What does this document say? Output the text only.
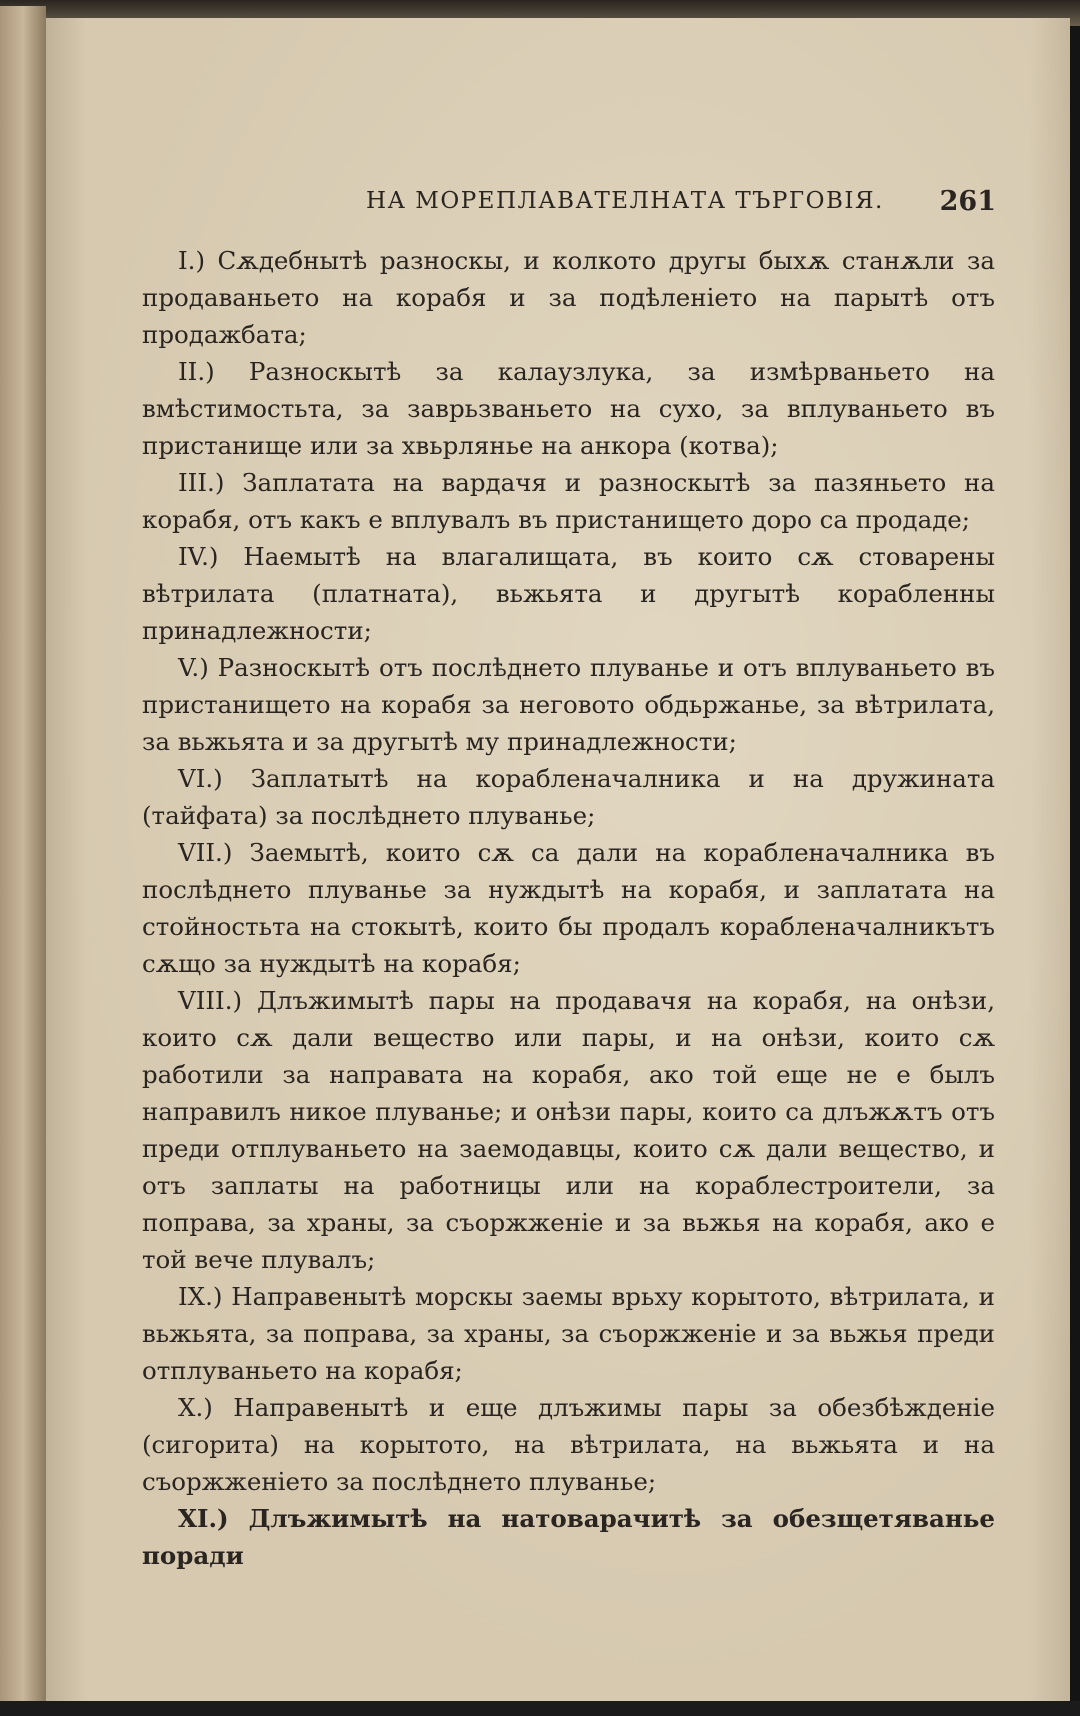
НА МОРЕПЛАВАТЕЛНАТА ТЪРГОВІЯ. 261

I.) Сѫдебнытѣ разноскы, и колкото другы быхѫ станѫли за продаваньето на корабя и за подѣленіето на парытѣ отъ продажбата;

II.) Разноскытѣ за калаузлука, за измѣрваньето на вмѣстимостьта, за заврьзваньето на сухо, за вплуваньето въ пристанище или за хвьрлянье на анкора (котва);

III.) Заплатата на вардачя и разноскытѣ за пазяньето на корабя, отъ какъ е вплувалъ въ пристанището доро са продаде;

IV.) Наемытѣ на влагалищата, въ които сѫ стоварены вѣтрилата (платната), вьжьята и другытѣ корабленны принадлежности;

V.) Разноскытѣ отъ послѣднето плуванье и отъ вплуваньето въ пристанището на корабя за неговото обдьржанье, за вѣтрилата, за вьжьята и за другытѣ му принадлежности;

VI.) Заплатытѣ на корабленачалника и на дружината (тайфата) за послѣднето плуванье;

VII.) Заемытѣ, които сѫ са дали на корабленачалника въ послѣднето плуванье за нуждытѣ на корабя, и заплатата на стойностьта на стокытѣ, които бы продалъ корабленачалникътъ сѫщо за нуждытѣ на корабя;

VIII.) Длъжимытѣ пары на продавачя на корабя, на онѣзи, които сѫ дали вещество или пары, и на онѣзи, които сѫ работили за направата на корабя, ако той еще не е былъ направилъ никое плуванье; и онѣзи пары, които са длъжѫтъ отъ преди отплуваньето на заемодавцы, които сѫ дали вещество, и отъ заплаты на работницы или на кораблестроители, за поправа, за храны, за съоржженіе и за вьжья на корабя, ако е той вече плувалъ;

IX.) Направенытѣ морскы заемы врьху корытото, вѣтрилата, и вьжьята, за поправа, за храны, за съоржженіе и за вьжья преди отплуваньето на корабя;

X.) Направенытѣ и еще длъжимы пары за обезбѣжденіе (сигорита) на корытото, на вѣтрилата, на вьжьята и на съоржженіето за послѣднето плуванье;

XI.) Длъжимытѣ на натоварачитѣ за обезщетяванье поради
